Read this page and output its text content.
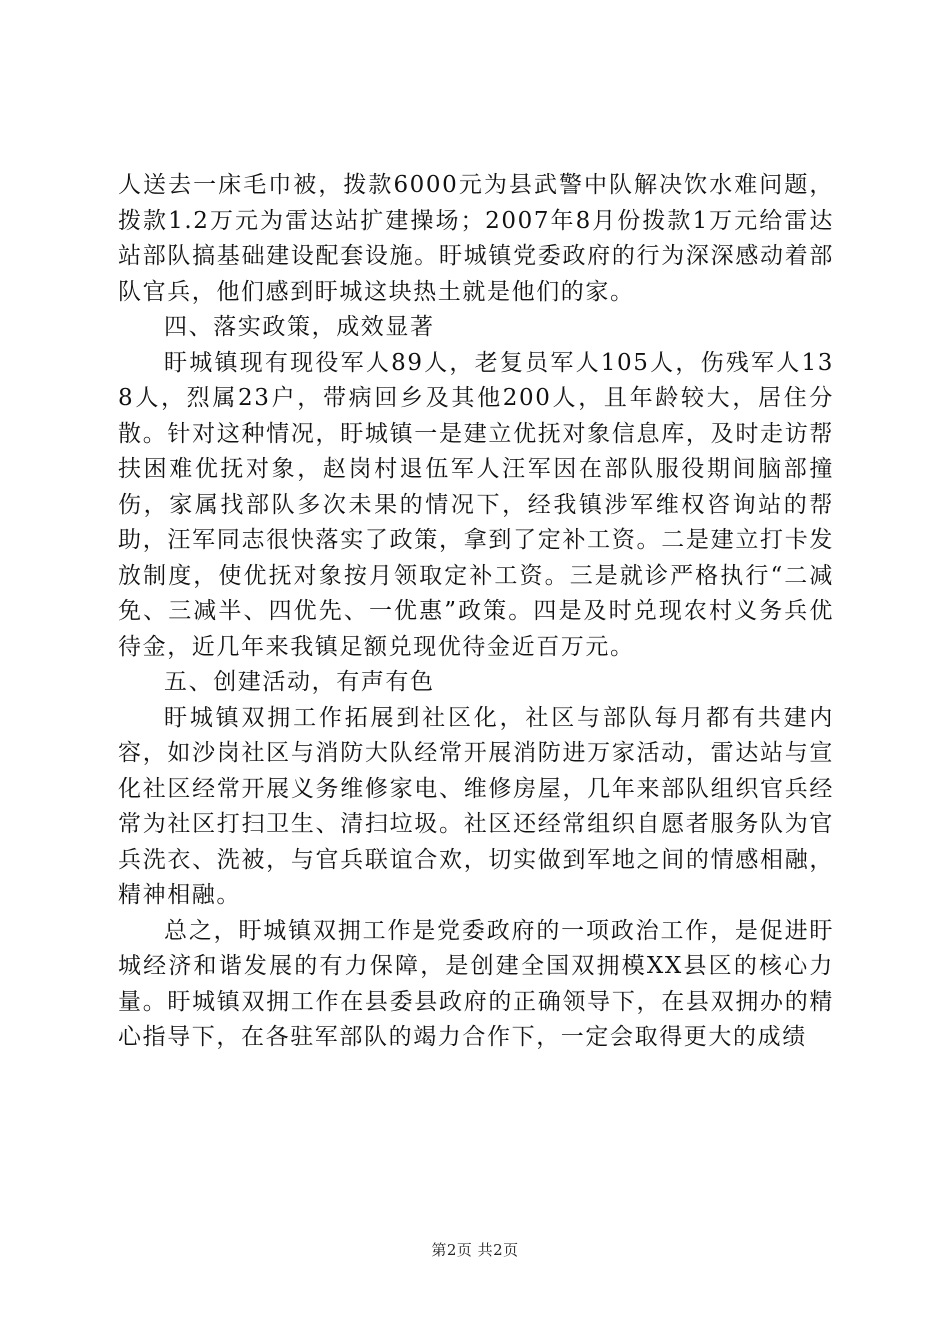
人送去一床毛巾被，拨款6000元为县武警中队解决饮水难问题，拨款1.2万元为雷达站扩建操场；2007年8月份拨款1万元给雷达站部队搞基础建设配套设施。盱城镇党委政府的行为深深感动着部队官兵，他们感到盱城这块热土就是他们的家。

四、落实政策，成效显著

盱城镇现有现役军人89人，老复员军人105人，伤残军人138人，烈属23户，带病回乡及其他200人，且年龄较大，居住分散。针对这种情况，盱城镇一是建立优抚对象信息库，及时走访帮扶困难优抚对象，赵岗村退伍军人汪军因在部队服役期间脑部撞伤，家属找部队多次未果的情况下，经我镇涉军维权咨询站的帮助，汪军同志很快落实了政策，拿到了定补工资。二是建立打卡发放制度，使优抚对象按月领取定补工资。三是就诊严格执行“二减免、三减半、四优先、一优惠”政策。四是及时兑现农村义务兵优待金，近几年来我镇足额兑现优待金近百万元。

五、创建活动，有声有色

盱城镇双拥工作拓展到社区化，社区与部队每月都有共建内容，如沙岗社区与消防大队经常开展消防进万家活动，雷达站与宣化社区经常开展义务维修家电、维修房屋，几年来部队组织官兵经常为社区打扫卫生、清扫垃圾。社区还经常组织自愿者服务队为官兵洗衣、洗被，与官兵联谊合欢，切实做到军地之间的情感相融，精神相融。

总之，盱城镇双拥工作是党委政府的一项政治工作，是促进盱城经济和谐发展的有力保障，是创建全国双拥模XX县区的核心力量。盱城镇双拥工作在县委县政府的正确领导下，在县双拥办的精心指导下，在各驻军部队的竭力合作下，一定会取得更大的成绩

第2页 共2页
